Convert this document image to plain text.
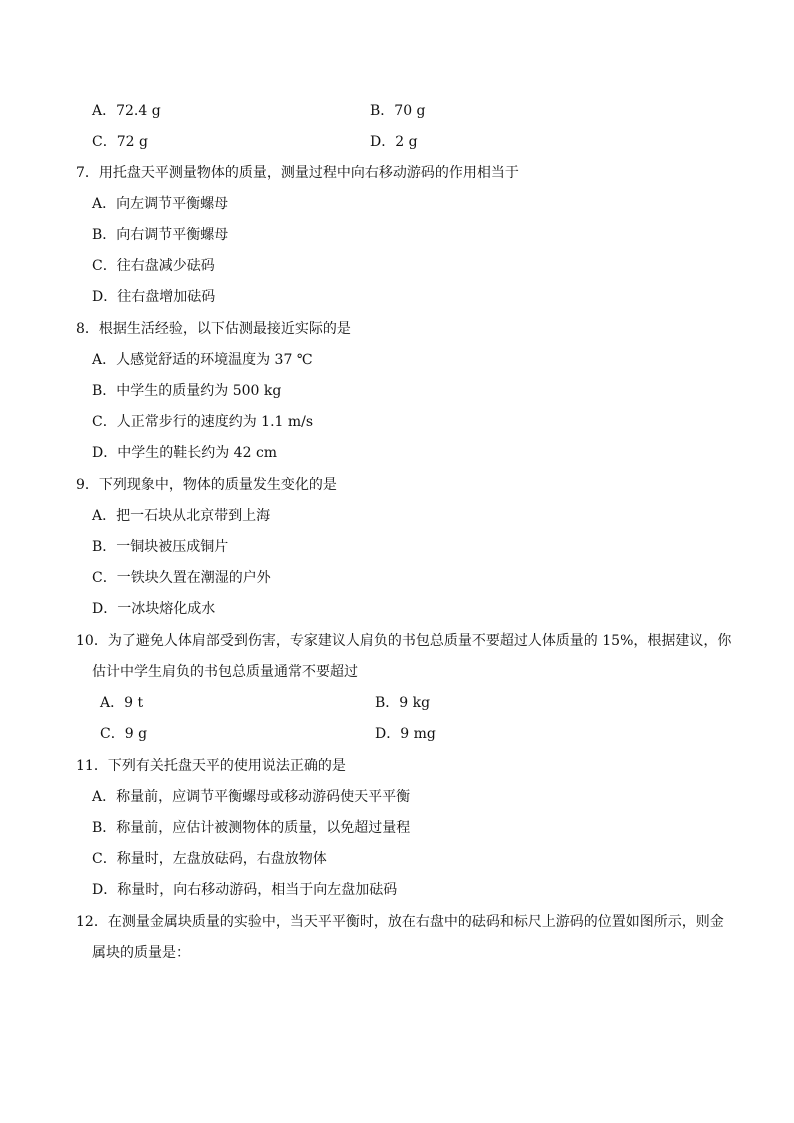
A．72.4 g	B．70 g
C．72 g	D．2 g
7．用托盘天平测量物体的质量，测量过程中向右移动游码的作用相当于
A．向左调节平衡螺母
B．向右调节平衡螺母
C．往右盘减少砝码
D．往右盘增加砝码
8．根据生活经验，以下估测最接近实际的是
A．人感觉舒适的环境温度为 37 ℃
B．中学生的质量约为 500 kg
C．人正常步行的速度约为 1.1 m/s
D．中学生的鞋长约为 42 cm
9．下列现象中，物体的质量发生变化的是
A．把一石块从北京带到上海
B．一铜块被压成铜片
C．一铁块久置在潮湿的户外
D．一冰块熔化成水
10．为了避免人体肩部受到伤害，专家建议人肩负的书包总质量不要超过人体质量的 15%，根据建议，你
估计中学生肩负的书包总质量通常不要超过
A．9 t	B．9 kg
C．9 g	D．9 mg
11．下列有关托盘天平的使用说法正确的是
A．称量前，应调节平衡螺母或移动游码使天平平衡
B．称量前，应估计被测物体的质量，以免超过量程
C．称量时，左盘放砝码，右盘放物体
D．称量时，向右移动游码，相当于向左盘加砝码
12．在测量金属块质量的实验中，当天平平衡时，放在右盘中的砝码和标尺上游码的位置如图所示，则金
属块的质量是：
